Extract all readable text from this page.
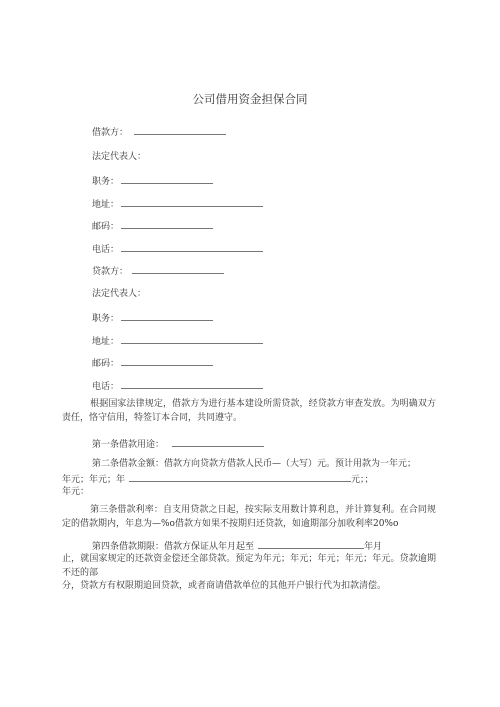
公司借用资金担保合同
借款方：
法定代表人：
职务：
地址：
邮码：
电话：
贷款方：
法定代表人：
职务：
地址：
邮码：
电话：
根据国家法律规定，借款方为进行基本建设所需贷款，经贷款方审查发放。为明确双方责任，恪守信用，特签订本合同，共同遵守。
第一条借款用途：
第二条借款金额：借款方向贷款方借款人民币—（大写）元。预计用款为一年元；
年元；年元；年	元；；
年元：
第三条借款利率：自支用贷款之日起，按实际支用数计算利息，并计算复利。在合同规定的借款期内，年息为—%o借款方如果不按期归还贷款，如逾期部分加收利率20%o
第四条借款期限：借款方保证从年月起至	年月
止，就国家规定的还款资金偿还全部贷款。预定为年元；年元；年元；年元；年元。贷款逾期不还的部
分，贷款方有权限期追回贷款，或者商请借款单位的其他开户银行代为扣款清偿。
